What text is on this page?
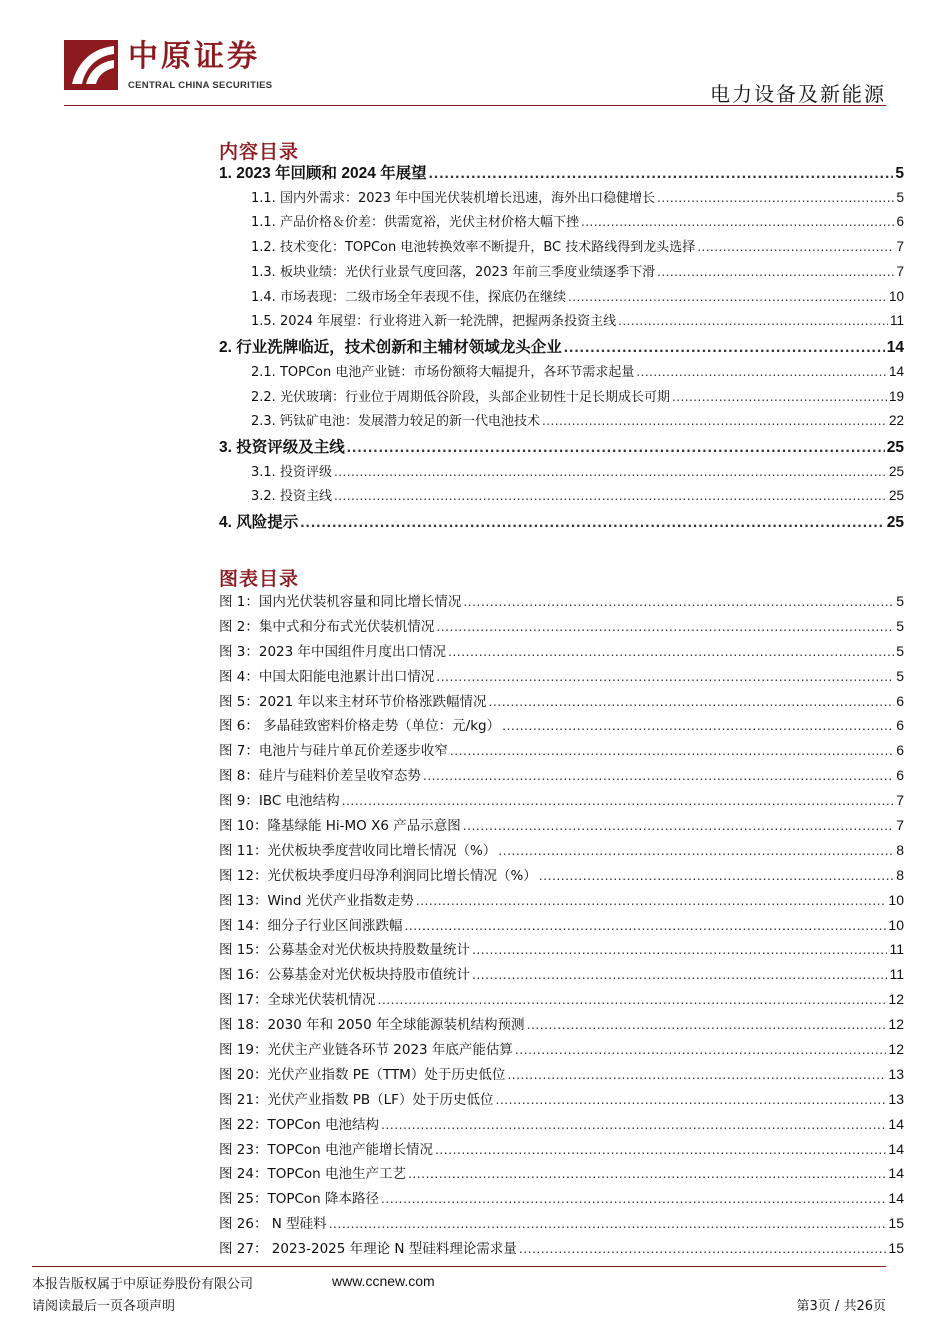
中原证券
CENTRAL CHINA SECURITIES	电力设备及新能源
内容目录
1. 2023 年回顾和 2024 年展望 .....	5
1.1. 国内外需求：2023 年中国光伏装机增长迅速，海外出口稳健增长 .....	5
1.1. 产品价格＆价差：供需宽裕，光伏主材价格大幅下挫 .....	6
1.2. 技术变化：TOPCon 电池转换效率不断提升，BC 技术路线得到龙头选择 .....	7
1.3. 板块业绩：光伏行业景气度回落，2023 年前三季度业绩逐季下滑 .....	7
1.4. 市场表现：二级市场全年表现不佳，探底仍在继续 .....	10
1.5. 2024 年展望：行业将进入新一轮洗牌，把握两条投资主线 .....	11
2. 行业洗牌临近，技术创新和主辅材领域龙头企业 .....	14
2.1. TOPCon 电池产业链：市场份额将大幅提升，各环节需求起量 .....	14
2.2. 光伏玻璃：行业位于周期低谷阶段，头部企业韧性十足长期成长可期 .....	19
2.3. 钙钛矿电池：发展潜力较足的新一代电池技术 .....	22
3. 投资评级及主线 .....	25
3.1. 投资评级 .....	25
3.2. 投资主线 .....	25
4. 风险提示 .....	25
图表目录
图 1：国内光伏装机容量和同比增长情况 .....	5
图 2：集中式和分布式光伏装机情况 .....	5
图 3：2023 年中国组件月度出口情况 .....	5
图 4：中国太阳能电池累计出口情况 .....	5
图 5：2021 年以来主材环节价格涨跌幅情况 .....	6
图 6： 多晶硅致密料价格走势（单位：元/kg） .....	6
图 7：电池片与硅片单瓦价差逐步收窄 .....	6
图 8：硅片与硅料价差呈收窄态势 .....	6
图 9：IBC 电池结构 .....	7
图 10：隆基绿能 Hi-MO X6 产品示意图 .....	7
图 11：光伏板块季度营收同比增长情况（%） .....	8
图 12：光伏板块季度归母净利润同比增长情况（%） .....	8
图 13：Wind 光伏产业指数走势 .....	10
图 14：细分子行业区间涨跌幅 .....	10
图 15：公募基金对光伏板块持股数量统计 .....	11
图 16：公募基金对光伏板块持股市值统计 .....	11
图 17：全球光伏装机情况 .....	12
图 18：2030 年和 2050 年全球能源装机结构预测 .....	12
图 19：光伏主产业链各环节 2023 年底产能估算 .....	12
图 20：光伏产业指数 PE（TTM）处于历史低位 .....	13
图 21：光伏产业指数 PB（LF）处于历史低位 .....	13
图 22：TOPCon 电池结构 .....	14
图 23：TOPCon 电池产能增长情况 .....	14
图 24：TOPCon 电池生产工艺 .....	14
图 25：TOPCon 降本路径 .....	14
图 26： N 型硅料 .....	15
图 27： 2023-2025 年理论 N 型硅料理论需求量 .....	15
本报告版权属于中原证券股份有限公司	www.ccnew.com
请阅读最后一页各项声明	第3页 / 共26页
